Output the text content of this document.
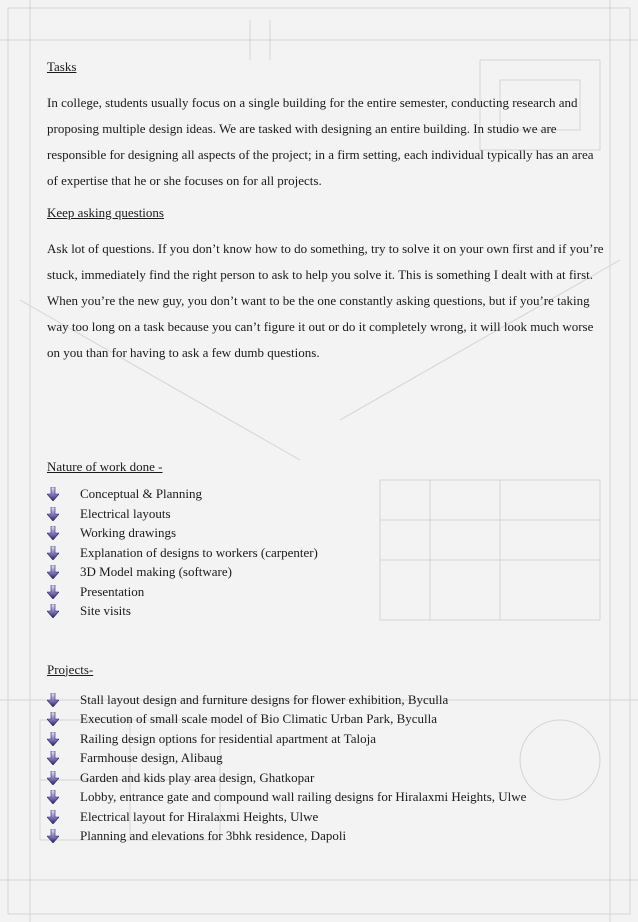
Tasks

In college, students usually focus on a single building for the entire semester, conducting research and proposing multiple design ideas. We are tasked with designing an entire building. In studio we are responsible for designing all aspects of the project; in a firm setting, each individual typically has an area of expertise that he or she focuses on for all projects.

Keep asking questions

Ask lot of questions. If you don’t know how to do something, try to solve it on your own first and if you’re stuck, immediately find the right person to ask to help you solve it. This is something I dealt with at first. When you’re the new guy, you don’t want to be the one constantly asking questions, but if you’re taking way too long on a task because you can’t figure it out or do it completely wrong, it will look much worse on you than for having to ask a few dumb questions.

Nature of work done -

Conceptual & Planning
Electrical layouts
Working drawings
Explanation of designs to workers (carpenter)
3D Model making (software)
Presentation
Site visits

Projects-

Stall layout design and furniture designs for flower exhibition, Byculla
Execution of small scale model of Bio Climatic Urban Park, Byculla
Railing design options for residential apartment at Taloja
Farmhouse design, Alibaug
Garden and kids play area design, Ghatkopar
Lobby, entrance gate and compound wall railing designs for Hiralaxmi Heights, Ulwe
Electrical layout for Hiralaxmi Heights, Ulwe
Planning and elevations for 3bhk residence, Dapoli
